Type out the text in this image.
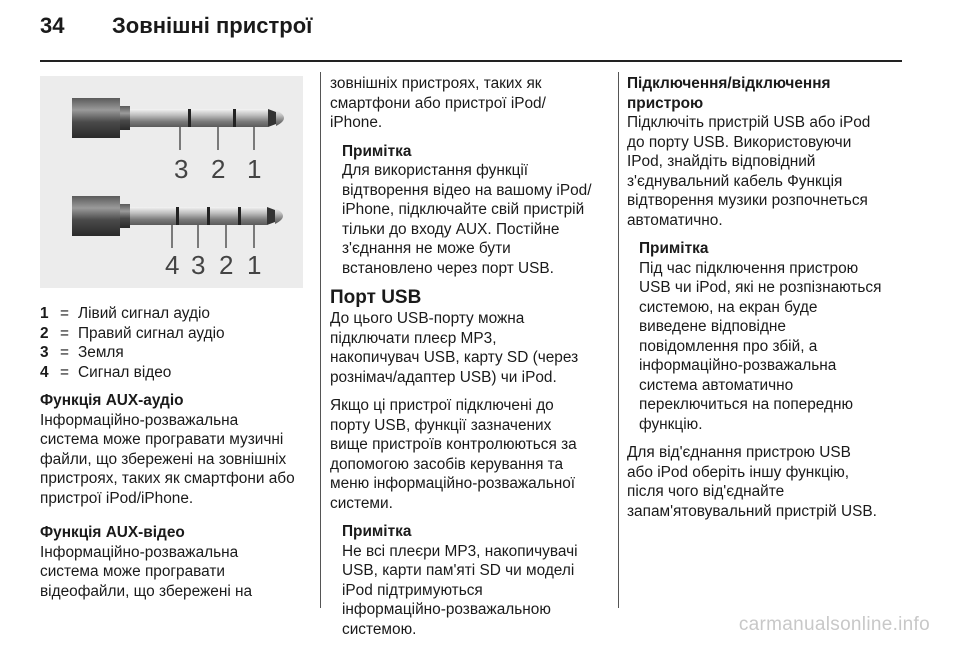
34 Зовнішні пристрої
3 2 1
4 3 2 1
1 = Лівий сигнал аудіо
2 = Правий сигнал аудіо
3 = Земля
4 = Сигнал відео
Функція AUX-аудіо

Інформаційно-розважальна
система може програвати музичні
файли, що збережені на зовнішніх
пристроях, таких як смартфони або
пристрої iPod/iPhone.

Функція AUX-відео

Інформаційно-розважальна
система може програвати
відеофайли, що збережені на

зовнішніх пристроях, таких як
смартфони або пристрої iPod/
iPhone.

Примітка
Для використання функції
відтворення відео на вашому iPod/
iPhone, підключайте свій пристрій
тільки до входу AUX. Постійне
з'єднання не може бути
встановлено через порт USB.
Порт USB

До цього USB-порту можна
підключати плеєр MP3,
накопичувач USB, карту SD (через
рознімач/адаптер USB) чи iPod.

Якщо ці пристрої підключені до
порту USB, функції зазначених
вище пристроїв контролюються за
допомогою засобів керування та
меню інформаційно-розважальної
системи.

Примітка
Не всі плеєри MP3, накопичувачі
USB, карти пам'яті SD чи моделі
iPod підтримуються
інформаційно-розважальною
системою.
Підключення/відключення
пристрою

Підключіть пристрій USB або iPod
до порту USB. Використовуючи
IPod, знайдіть відповідний
з'єднувальний кабель Функція
відтворення музики розпочнеться
автоматично.

Примітка
Під час підключення пристрою
USB чи iPod, які не розпізнаються
системою, на екран буде
виведене відповідне
повідомлення про збій, а
інформаційно-розважальна
система автоматично
переключиться на попередню
функцію.

Для від'єднання пристрою USB
або iPod оберіть іншу функцію,
після чого від'єднайте
запам'ятовувальний пристрій USB.

carmanualsonline.info
